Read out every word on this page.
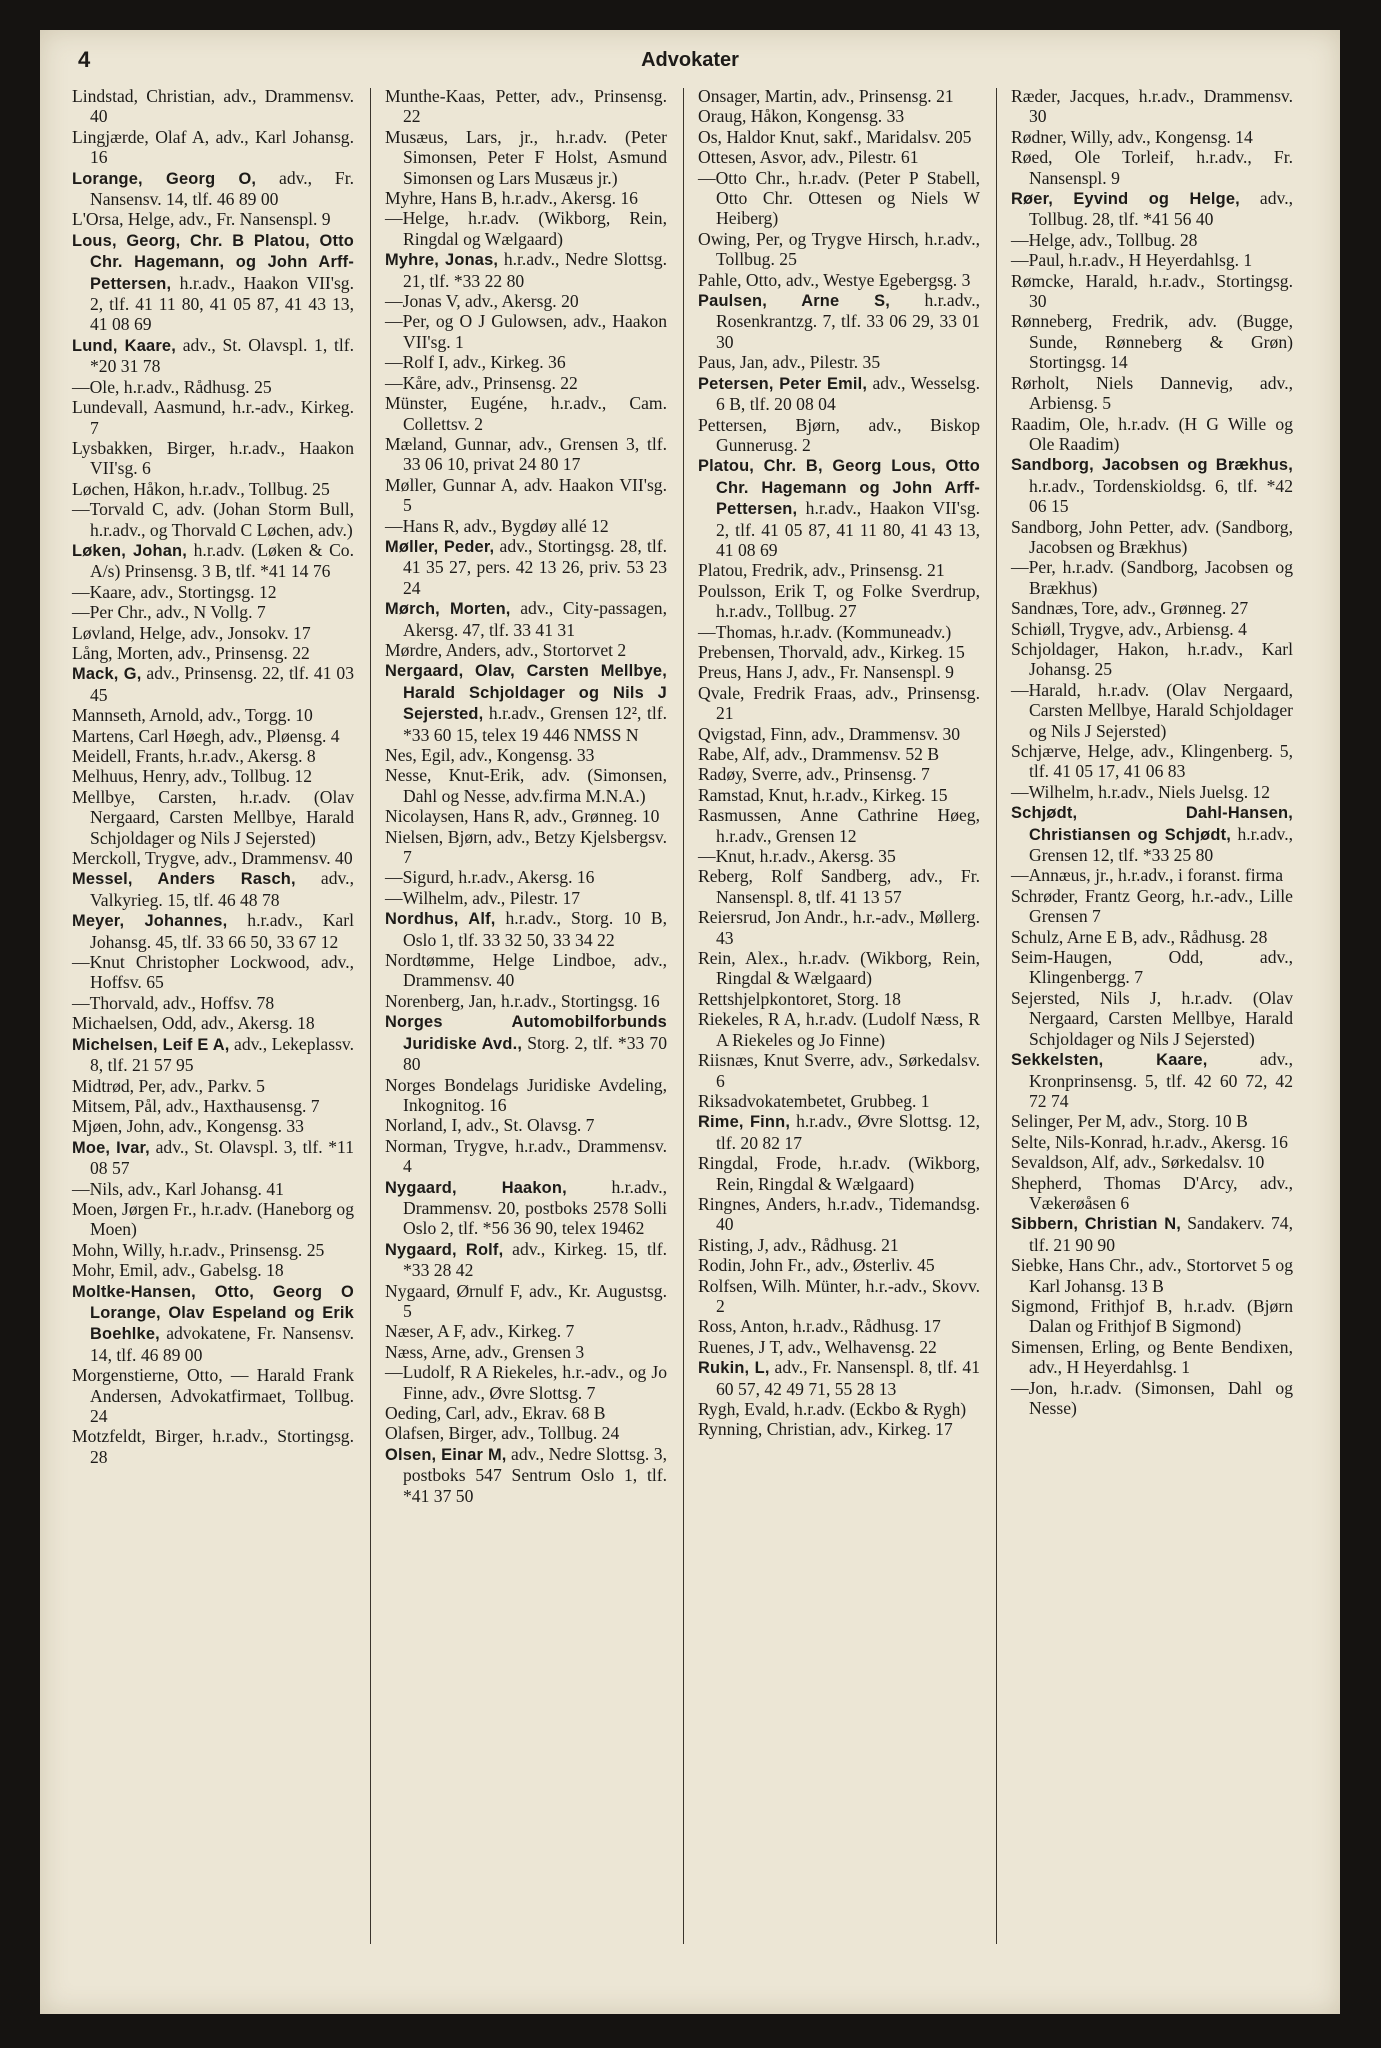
4	Advokater

Lindstad, Christian, adv., Drammensv. 40

Lingjærde, Olaf A, adv., Karl Johansg. 16

Lorange, Georg O, adv., Fr. Nansensv. 14, tlf. 46 89 00

L'Orsa, Helge, adv., Fr. Nansenspl. 9

Lous, Georg, Chr. B Platou, Otto Chr. Hagemann, og John Arff-Pettersen, h.r.adv., Haakon VII'sg. 2, tlf. 41 11 80, 41 05 87, 41 43 13, 41 08 69

Lund, Kaare, adv., St. Olavspl. 1, tlf. *20 31 78

—Ole, h.r.adv., Rådhusg. 25

Lundevall, Aasmund, h.r.-adv., Kirkeg. 7

Lysbakken, Birger, h.r.adv., Haakon VII'sg. 6

Løchen, Håkon, h.r.adv., Tollbug. 25

—Torvald C, adv. (Johan Storm Bull, h.r.adv., og Thorvald C Løchen, adv.)

Løken, Johan, h.r.adv. (Løken & Co. A/s) Prinsensg. 3 B, tlf. *41 14 76

—Kaare, adv., Stortingsg. 12

—Per Chr., adv., N Vollg. 7

Løvland, Helge, adv., Jonsokv. 17

Lång, Morten, adv., Prinsensg. 22

Mack, G, adv., Prinsensg. 22, tlf. 41 03 45

Mannseth, Arnold, adv., Torgg. 10

Martens, Carl Høegh, adv., Pløensg. 4

Meidell, Frants, h.r.adv., Akersg. 8

Melhuus, Henry, adv., Tollbug. 12

Mellbye, Carsten, h.r.adv. (Olav Nergaard, Carsten Mellbye, Harald Schjoldager og Nils J Sejersted)

Merckoll, Trygve, adv., Drammensv. 40

Messel, Anders Rasch, adv., Valkyrieg. 15, tlf. 46 48 78

Meyer, Johannes, h.r.adv., Karl Johansg. 45, tlf. 33 66 50, 33 67 12

—Knut Christopher Lockwood, adv., Hoffsv. 65

—Thorvald, adv., Hoffsv. 78

Michaelsen, Odd, adv., Akersg. 18

Michelsen, Leif E A, adv., Lekeplassv. 8, tlf. 21 57 95

Midtrød, Per, adv., Parkv. 5

Mitsem, Pål, adv., Haxthausensg. 7

Mjøen, John, adv., Kongensg. 33

Moe, Ivar, adv., St. Olavspl. 3, tlf. *11 08 57

—Nils, adv., Karl Johansg. 41

Moen, Jørgen Fr., h.r.adv. (Haneborg og Moen)

Mohn, Willy, h.r.adv., Prinsensg. 25

Mohr, Emil, adv., Gabelsg. 18

Moltke-Hansen, Otto, Georg O Lorange, Olav Espeland og Erik Boehlke, advokatene, Fr. Nansensv. 14, tlf. 46 89 00

Morgenstierne, Otto, — Harald Frank Andersen, Advokatfirmaet, Tollbug. 24

Motzfeldt, Birger, h.r.adv., Stortingsg. 28

Munthe-Kaas, Petter, adv., Prinsensg. 22

Musæus, Lars, jr., h.r.adv. (Peter Simonsen, Peter F Holst, Asmund Simonsen og Lars Musæus jr.)

Myhre, Hans B, h.r.adv., Akersg. 16

—Helge, h.r.adv. (Wikborg, Rein, Ringdal og Wælgaard)

Myhre, Jonas, h.r.adv., Nedre Slottsg. 21, tlf. *33 22 80

—Jonas V, adv., Akersg. 20

—Per, og O J Gulowsen, adv., Haakon VII'sg. 1

—Rolf I, adv., Kirkeg. 36

—Kåre, adv., Prinsensg. 22

Münster, Eugéne, h.r.adv., Cam. Collettsv. 2

Mæland, Gunnar, adv., Grensen 3, tlf. 33 06 10, privat 24 80 17

Møller, Gunnar A, adv. Haakon VII'sg. 5

—Hans R, adv., Bygdøy allé 12

Møller, Peder, adv., Stortingsg. 28, tlf. 41 35 27, pers. 42 13 26, priv. 53 23 24

Mørch, Morten, adv., City-passagen, Akersg. 47, tlf. 33 41 31

Mørdre, Anders, adv., Stortorvet 2

Nergaard, Olav, Carsten Mellbye, Harald Schjoldager og Nils J Sejersted, h.r.adv., Grensen 12², tlf. *33 60 15, telex 19 446 NMSS N

Nes, Egil, adv., Kongensg. 33

Nesse, Knut-Erik, adv. (Simonsen, Dahl og Nesse, adv.firma M.N.A.)

Nicolaysen, Hans R, adv., Grønneg. 10

Nielsen, Bjørn, adv., Betzy Kjelsbergsv. 7

—Sigurd, h.r.adv., Akersg. 16

—Wilhelm, adv., Pilestr. 17

Nordhus, Alf, h.r.adv., Storg. 10 B, Oslo 1, tlf. 33 32 50, 33 34 22

Nordtømme, Helge Lindboe, adv., Drammensv. 40

Norenberg, Jan, h.r.adv., Stortingsg. 16

Norges Automobilforbunds Juridiske Avd., Storg. 2, tlf. *33 70 80

Norges Bondelags Juridiske Avdeling, Inkognitog. 16

Norland, I, adv., St. Olavsg. 7

Norman, Trygve, h.r.adv., Drammensv. 4

Nygaard, Haakon, h.r.adv., Drammensv. 20, postboks 2578 Solli Oslo 2, tlf. *56 36 90, telex 19462

Nygaard, Rolf, adv., Kirkeg. 15, tlf. *33 28 42

Nygaard, Ørnulf F, adv., Kr. Augustsg. 5

Næser, A F, adv., Kirkeg. 7

Næss, Arne, adv., Grensen 3

—Ludolf, R A Riekeles, h.r.-adv., og Jo Finne, adv., Øvre Slottsg. 7

Oeding, Carl, adv., Ekrav. 68 B

Olafsen, Birger, adv., Tollbug. 24

Olsen, Einar M, adv., Nedre Slottsg. 3, postboks 547 Sentrum Oslo 1, tlf. *41 37 50

Onsager, Martin, adv., Prinsensg. 21

Oraug, Håkon, Kongensg. 33

Os, Haldor Knut, sakf., Maridalsv. 205

Ottesen, Asvor, adv., Pilestr. 61

—Otto Chr., h.r.adv. (Peter P Stabell, Otto Chr. Ottesen og Niels W Heiberg)

Owing, Per, og Trygve Hirsch, h.r.adv., Tollbug. 25

Pahle, Otto, adv., Westye Egebergsg. 3

Paulsen, Arne S, h.r.adv., Rosenkrantzg. 7, tlf. 33 06 29, 33 01 30

Paus, Jan, adv., Pilestr. 35

Petersen, Peter Emil, adv., Wesselsg. 6 B, tlf. 20 08 04

Pettersen, Bjørn, adv., Biskop Gunnerusg. 2

Platou, Chr. B, Georg Lous, Otto Chr. Hagemann og John Arff-Pettersen, h.r.adv., Haakon VII'sg. 2, tlf. 41 05 87, 41 11 80, 41 43 13, 41 08 69

Platou, Fredrik, adv., Prinsensg. 21

Poulsson, Erik T, og Folke Sverdrup, h.r.adv., Tollbug. 27

—Thomas, h.r.adv. (Kommuneadv.)

Prebensen, Thorvald, adv., Kirkeg. 15

Preus, Hans J, adv., Fr. Nansenspl. 9

Qvale, Fredrik Fraas, adv., Prinsensg. 21

Qvigstad, Finn, adv., Drammensv. 30

Rabe, Alf, adv., Drammensv. 52 B

Radøy, Sverre, adv., Prinsensg. 7

Ramstad, Knut, h.r.adv., Kirkeg. 15

Rasmussen, Anne Cathrine Høeg, h.r.adv., Grensen 12

—Knut, h.r.adv., Akersg. 35

Reberg, Rolf Sandberg, adv., Fr. Nansenspl. 8, tlf. 41 13 57

Reiersrud, Jon Andr., h.r.-adv., Møllerg. 43

Rein, Alex., h.r.adv. (Wikborg, Rein, Ringdal & Wælgaard)

Rettshjelpkontoret, Storg. 18

Riekeles, R A, h.r.adv. (Ludolf Næss, R A Riekeles og Jo Finne)

Riisnæs, Knut Sverre, adv., Sørkedalsv. 6

Riksadvokatembetet, Grubbeg. 1

Rime, Finn, h.r.adv., Øvre Slottsg. 12, tlf. 20 82 17

Ringdal, Frode, h.r.adv. (Wikborg, Rein, Ringdal & Wælgaard)

Ringnes, Anders, h.r.adv., Tidemandsg. 40

Risting, J, adv., Rådhusg. 21

Rodin, John Fr., adv., Østerliv. 45

Rolfsen, Wilh. Münter, h.r.-adv., Skovv. 2

Ross, Anton, h.r.adv., Rådhusg. 17

Ruenes, J T, adv., Welhavensg. 22

Rukin, L, adv., Fr. Nansenspl. 8, tlf. 41 60 57, 42 49 71, 55 28 13

Rygh, Evald, h.r.adv. (Eckbo & Rygh)

Rynning, Christian, adv., Kirkeg. 17

Ræder, Jacques, h.r.adv., Drammensv. 30

Rødner, Willy, adv., Kongensg. 14

Røed, Ole Torleif, h.r.adv., Fr. Nansenspl. 9

Røer, Eyvind og Helge, adv., Tollbug. 28, tlf. *41 56 40

—Helge, adv., Tollbug. 28

—Paul, h.r.adv., H Heyerdahlsg. 1

Rømcke, Harald, h.r.adv., Stortingsg. 30

Rønneberg, Fredrik, adv. (Bugge, Sunde, Rønneberg & Grøn) Stortingsg. 14

Rørholt, Niels Dannevig, adv., Arbiensg. 5

Raadim, Ole, h.r.adv. (H G Wille og Ole Raadim)

Sandborg, Jacobsen og Brækhus, h.r.adv., Tordenskioldsg. 6, tlf. *42 06 15

Sandborg, John Petter, adv. (Sandborg, Jacobsen og Brækhus)

—Per, h.r.adv. (Sandborg, Jacobsen og Brækhus)

Sandnæs, Tore, adv., Grønneg. 27

Schiøll, Trygve, adv., Arbiensg. 4

Schjoldager, Hakon, h.r.adv., Karl Johansg. 25

—Harald, h.r.adv. (Olav Nergaard, Carsten Mellbye, Harald Schjoldager og Nils J Sejersted)

Schjærve, Helge, adv., Klingenberg. 5, tlf. 41 05 17, 41 06 83

—Wilhelm, h.r.adv., Niels Juelsg. 12

Schjødt, Dahl-Hansen, Christiansen og Schjødt, h.r.adv., Grensen 12, tlf. *33 25 80

—Annæus, jr., h.r.adv., i foranst. firma

Schrøder, Frantz Georg, h.r.-adv., Lille Grensen 7

Schulz, Arne E B, adv., Rådhusg. 28

Seim-Haugen, Odd, adv., Klingenbergg. 7

Sejersted, Nils J, h.r.adv. (Olav Nergaard, Carsten Mellbye, Harald Schjoldager og Nils J Sejersted)

Sekkelsten, Kaare, adv., Kronprinsensg. 5, tlf. 42 60 72, 42 72 74

Selinger, Per M, adv., Storg. 10 B

Selte, Nils-Konrad, h.r.adv., Akersg. 16

Sevaldson, Alf, adv., Sørkedalsv. 10

Shepherd, Thomas D'Arcy, adv., Vækerøåsen 6

Sibbern, Christian N, Sandakerv. 74, tlf. 21 90 90

Siebke, Hans Chr., adv., Stortorvet 5 og Karl Johansg. 13 B

Sigmond, Frithjof B, h.r.adv. (Bjørn Dalan og Frithjof B Sigmond)

Simensen, Erling, og Bente Bendixen, adv., H Heyerdahlsg. 1

—Jon, h.r.adv. (Simonsen, Dahl og Nesse)
